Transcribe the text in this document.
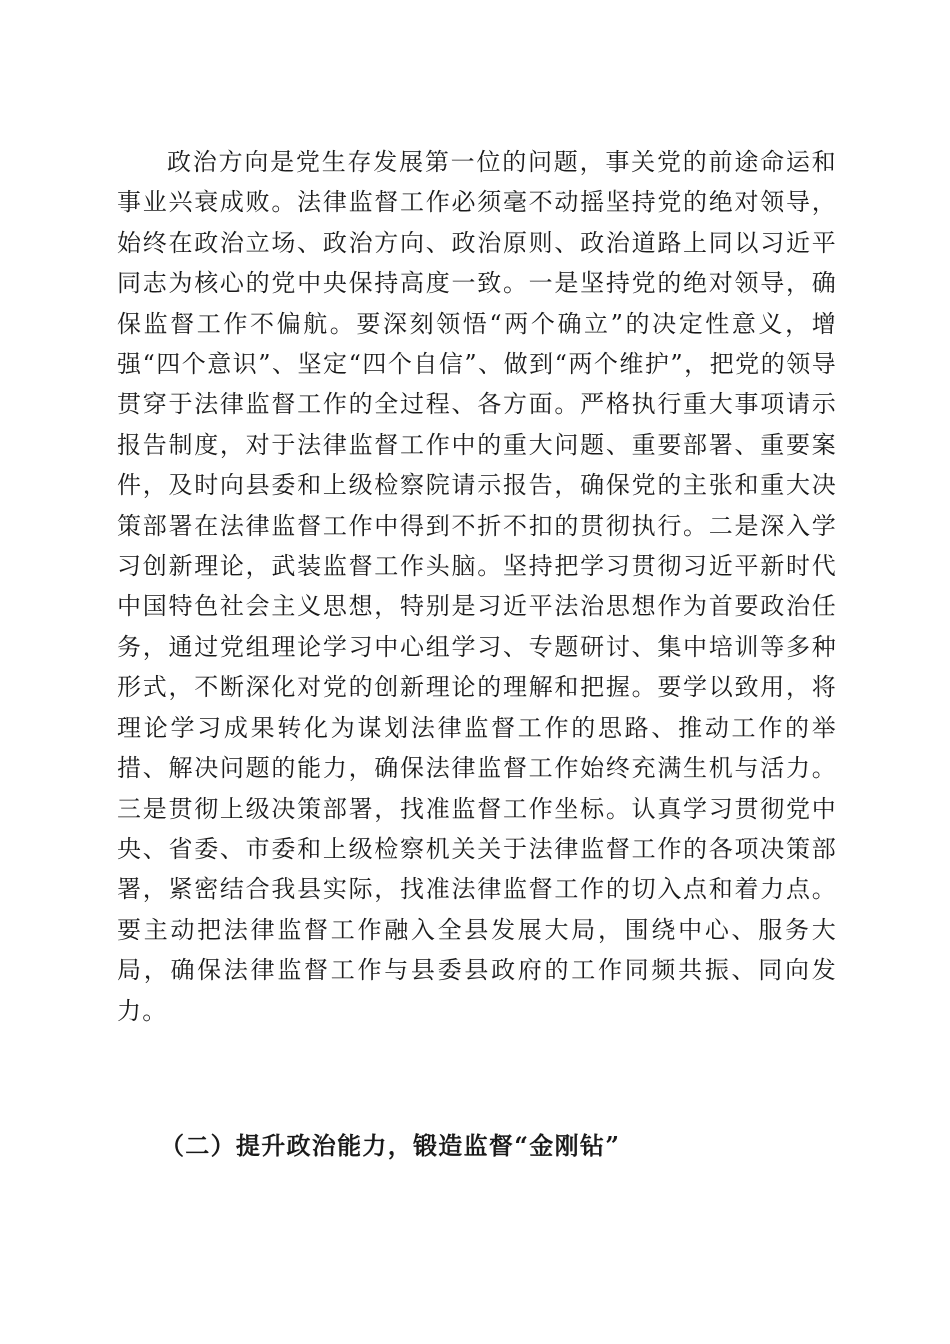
政治方向是党生存发展第一位的问题，事关党的前途命运和事业兴衰成败。法律监督工作必须毫不动摇坚持党的绝对领导，始终在政治立场、政治方向、政治原则、政治道路上同以习近平同志为核心的党中央保持高度一致。一是坚持党的绝对领导，确保监督工作不偏航。要深刻领悟“两个确立”的决定性意义，增强“四个意识”、坚定“四个自信”、做到“两个维护”，把党的领导贯穿于法律监督工作的全过程、各方面。严格执行重大事项请示报告制度，对于法律监督工作中的重大问题、重要部署、重要案件，及时向县委和上级检察院请示报告，确保党的主张和重大决策部署在法律监督工作中得到不折不扣的贯彻执行。二是深入学习创新理论，武装监督工作头脑。坚持把学习贯彻习近平新时代中国特色社会主义思想，特别是习近平法治思想作为首要政治任务，通过党组理论学习中心组学习、专题研讨、集中培训等多种形式，不断深化对党的创新理论的理解和把握。要学以致用，将理论学习成果转化为谋划法律监督工作的思路、推动工作的举措、解决问题的能力，确保法律监督工作始终充满生机与活力。三是贯彻上级决策部署，找准监督工作坐标。认真学习贯彻党中央、省委、市委和上级检察机关关于法律监督工作的各项决策部署，紧密结合我县实际，找准法律监督工作的切入点和着力点。要主动把法律监督工作融入全县发展大局，围绕中心、服务大局，确保法律监督工作与县委县政府的工作同频共振、同向发力。

（二）提升政治能力，锻造监督“金刚钻”
